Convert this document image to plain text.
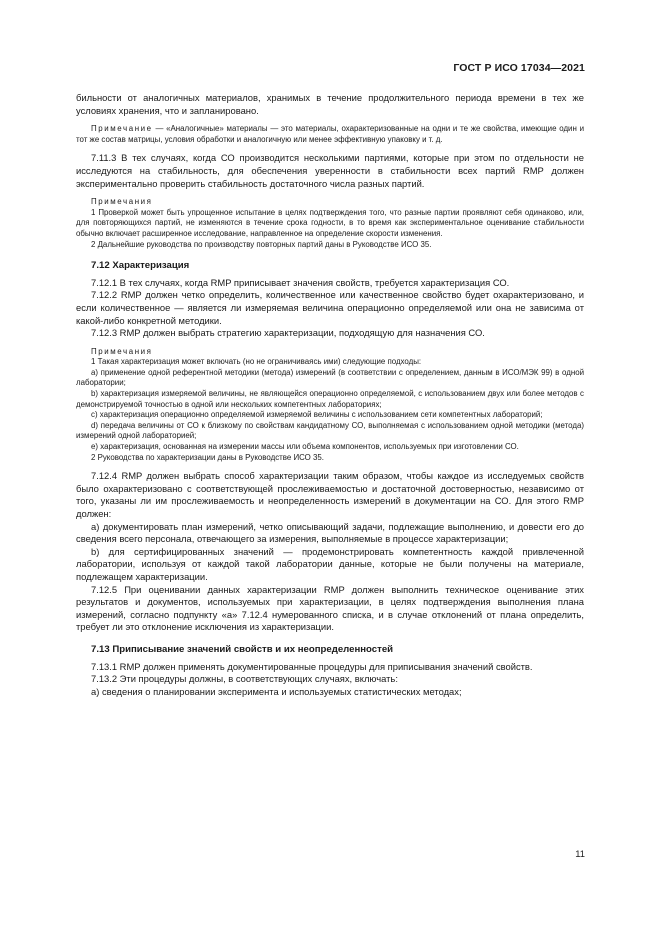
ГОСТ Р ИСО 17034—2021

бильности от аналогичных материалов, хранимых в течение продолжительного периода времени в тех же условиях хранения, что и запланировано.

Примечание — «Аналогичные» материалы — это материалы, охарактеризованные на одни и те же свойства, имеющие один и тот же состав матрицы, условия обработки и аналогичную или менее эффективную упаковку и т. д.

7.11.3 В тех случаях, когда СО производится несколькими партиями, которые при этом по отдельности не исследуются на стабильность, для обеспечения уверенности в стабильности всех партий RMP должен экспериментально проверить стабильность достаточного числа разных партий.

Примечания

1 Проверкой может быть упрощенное испытание в целях подтверждения того, что разные партии проявляют себя одинаково, или, для повторяющихся партий, не изменяются в течение срока годности, в то время как экспериментальное оценивание стабильности обычно включает расширенное исследование, направленное на определение скорости изменения.

2 Дальнейшие руководства по производству повторных партий даны в Руководстве ИСО 35.

7.12 Характеризация

7.12.1 В тех случаях, когда RMP приписывает значения свойств, требуется характеризация СО.

7.12.2 RMP должен четко определить, количественное или качественное свойство будет охарактеризовано, и если количественное — является ли измеряемая величина операционно определяемой или она не зависима от какой-либо конкретной методики.

7.12.3 RMP должен выбрать стратегию характеризации, подходящую для назначения СО.

Примечания

1 Такая характеризация может включать (но не ограничиваясь ими) следующие подходы:

а) применение одной референтной методики (метода) измерений (в соответствии с определением, данным в ИСО/МЭК 99) в одной лаборатории;

b) характеризация измеряемой величины, не являющейся операционно определяемой, с использованием двух или более методов с демонстрируемой точностью в одной или нескольких компетентных лабораториях;

с) характеризация операционно определяемой измеряемой величины с использованием сети компетентных лабораторий;

d) передача величины от СО к близкому по свойствам кандидатному СО, выполняемая с использованием одной методики (метода) измерений одной лабораторией;

е) характеризация, основанная на измерении массы или объема компонентов, используемых при изготовлении СО.

2 Руководства по характеризации даны в Руководстве ИСО 35.

7.12.4 RMP должен выбрать способ характеризации таким образом, чтобы каждое из исследуемых свойств было охарактеризовано с соответствующей прослеживаемостью и достаточной достоверностью, независимо от того, указаны ли им прослеживаемость и неопределенность измерений в документации на СО. Для этого RMP должен:

а) документировать план измерений, четко описывающий задачи, подлежащие выполнению, и довести его до сведения всего персонала, отвечающего за измерения, выполняемые в процессе характеризации;

b) для сертифицированных значений — продемонстрировать компетентность каждой привлеченной лаборатории, используя от каждой такой лаборатории данные, которые не были получены на материале, подлежащем характеризации.

7.12.5 При оценивании данных характеризации RMP должен выполнить техническое оценивание этих результатов и документов, используемых при характеризации, в целях подтверждения выполнения плана измерений, согласно подпункту «а» 7.12.4 нумерованного списка, и в случае отклонений от плана определить, требует ли это отклонение исключения из характеризации.

7.13 Приписывание значений свойств и их неопределенностей

7.13.1 RMP должен применять документированные процедуры для приписывания значений свойств.

7.13.2 Эти процедуры должны, в соответствующих случаях, включать:

а) сведения о планировании эксперимента и используемых статистических методах;

11
